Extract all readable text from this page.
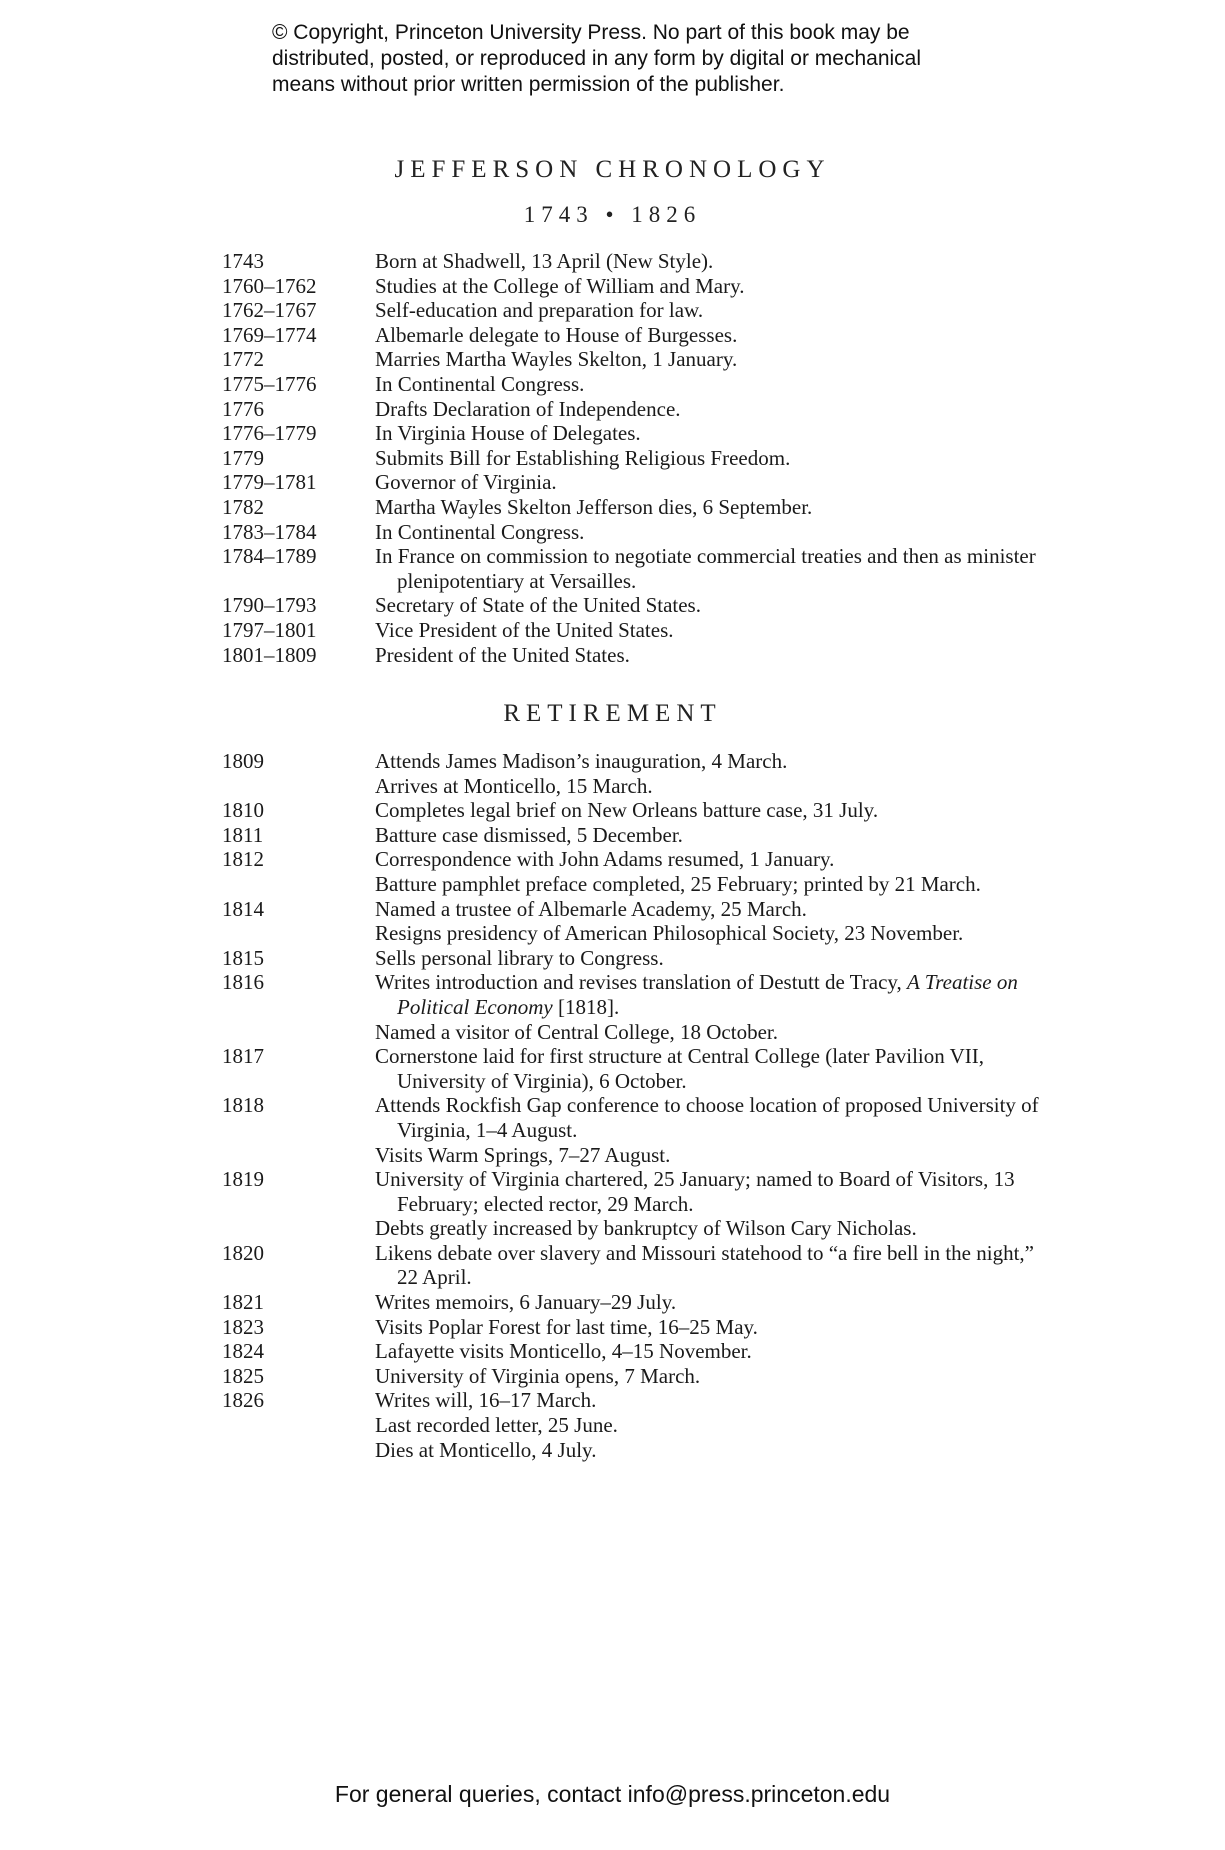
© Copyright, Princeton University Press. No part of this book may be distributed, posted, or reproduced in any form by digital or mechanical means without prior written permission of the publisher.
JEFFERSON CHRONOLOGY
1743 • 1826
1743	Born at Shadwell, 13 April (New Style).
1760–1762	Studies at the College of William and Mary.
1762–1767	Self-education and preparation for law.
1769–1774	Albemarle delegate to House of Burgesses.
1772	Marries Martha Wayles Skelton, 1 January.
1775–1776	In Continental Congress.
1776	Drafts Declaration of Independence.
1776–1779	In Virginia House of Delegates.
1779	Submits Bill for Establishing Religious Freedom.
1779–1781	Governor of Virginia.
1782	Martha Wayles Skelton Jefferson dies, 6 September.
1783–1784	In Continental Congress.
1784–1789	In France on commission to negotiate commercial treaties and then as minister plenipotentiary at Versailles.
1790–1793	Secretary of State of the United States.
1797–1801	Vice President of the United States.
1801–1809	President of the United States.
RETIREMENT
1809	Attends James Madison’s inauguration, 4 March.
Arrives at Monticello, 15 March.
1810	Completes legal brief on New Orleans batture case, 31 July.
1811	Batture case dismissed, 5 December.
1812	Correspondence with John Adams resumed, 1 January.
Batture pamphlet preface completed, 25 February; printed by 21 March.
1814	Named a trustee of Albemarle Academy, 25 March.
Resigns presidency of American Philosophical Society, 23 November.
1815	Sells personal library to Congress.
1816	Writes introduction and revises translation of Destutt de Tracy, A Treatise on Political Economy [1818].
Named a visitor of Central College, 18 October.
1817	Cornerstone laid for first structure at Central College (later Pavilion VII, University of Virginia), 6 October.
1818	Attends Rockfish Gap conference to choose location of proposed University of Virginia, 1–4 August.
Visits Warm Springs, 7–27 August.
1819	University of Virginia chartered, 25 January; named to Board of Visitors, 13 February; elected rector, 29 March.
Debts greatly increased by bankruptcy of Wilson Cary Nicholas.
1820	Likens debate over slavery and Missouri statehood to “a fire bell in the night,” 22 April.
1821	Writes memoirs, 6 January–29 July.
1823	Visits Poplar Forest for last time, 16–25 May.
1824	Lafayette visits Monticello, 4–15 November.
1825	University of Virginia opens, 7 March.
1826	Writes will, 16–17 March.
Last recorded letter, 25 June.
Dies at Monticello, 4 July.
For general queries, contact info@press.princeton.edu
